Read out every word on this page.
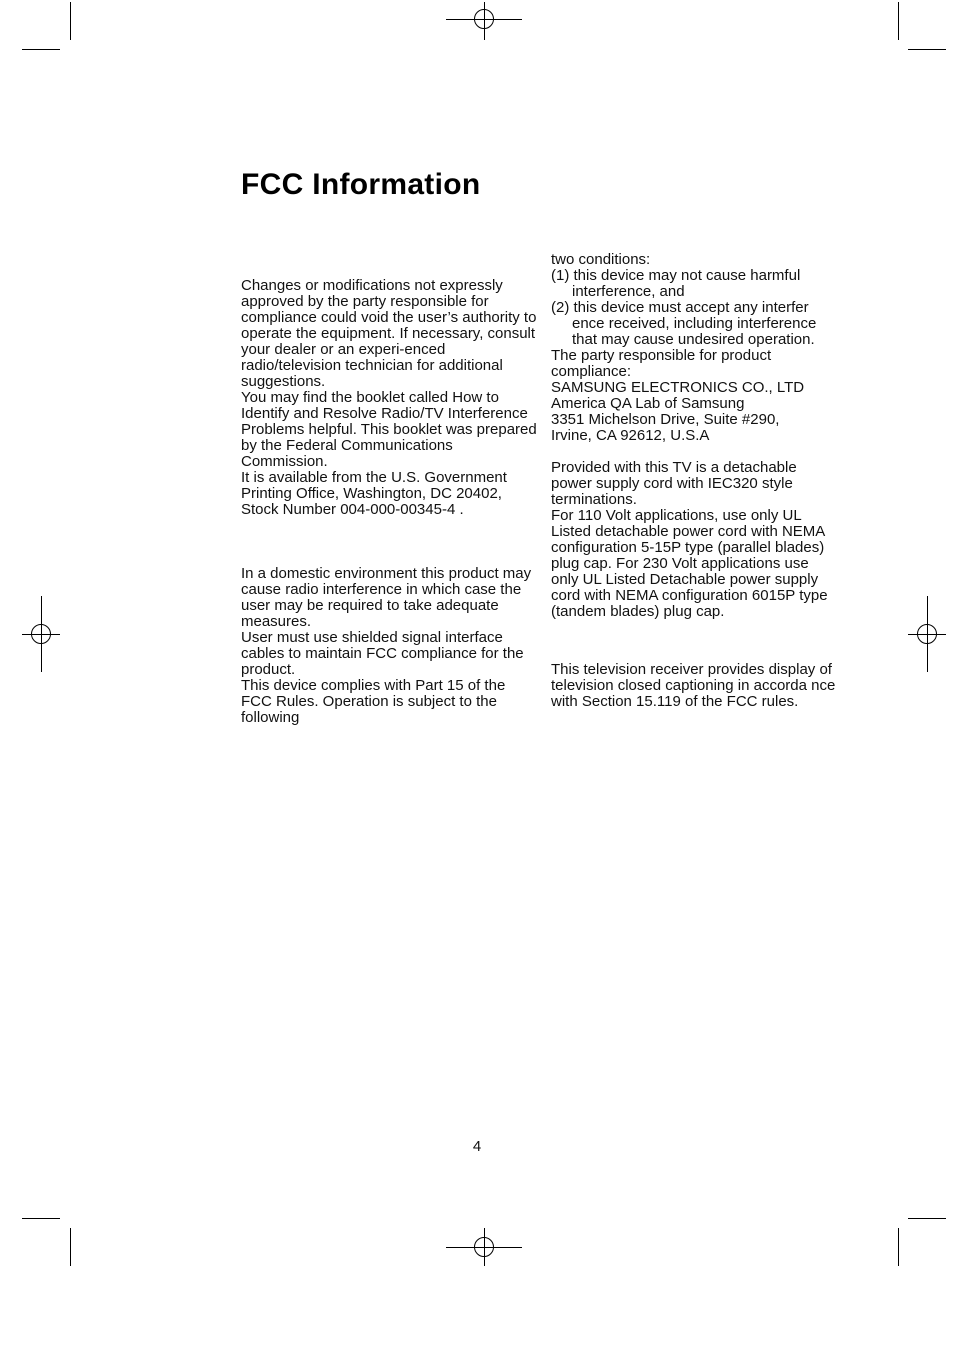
FCC Information

Changes or modifications not expressly approved by the party responsible for compliance could void the user’s authority to operate the equipment. If necessary, consult your dealer or an experi-enced radio/television technician for additional suggestions.

You may find the booklet called How to Identify and Resolve Radio/TV Interference Problems helpful. This booklet was prepared by the Federal Communications Commission.

It is available from the U.S. Government Printing Office, Washington, DC 20402, Stock Number 004-000-00345-4 .

In a domestic environment this product may cause radio interference in which case the user may be required to take adequate measures.

User must use shielded signal interface cables to maintain FCC compliance for the product.

This device complies with Part 15 of the FCC Rules. Operation is subject to the following

two conditions:

(1) this device may not cause harmful interference, and

(2) this device must accept any interfer ence received, including interference that may cause undesired operation.

The party responsible for product compliance:

SAMSUNG ELECTRONICS CO., LTD

America QA Lab of Samsung

3351 Michelson Drive, Suite #290,

Irvine, CA 92612, U.S.A

Provided with this TV is a detachable power supply cord with IEC320 style terminations.

For 110 Volt applications, use only UL Listed detachable power cord with NEMA configuration 5-15P type (parallel blades) plug cap. For 230 Volt applications use only UL Listed Detachable power supply cord with NEMA configuration 6015P type (tandem blades) plug cap.

This television receiver provides display of television closed captioning in accorda nce with Section 15.119 of the FCC rules.

4
